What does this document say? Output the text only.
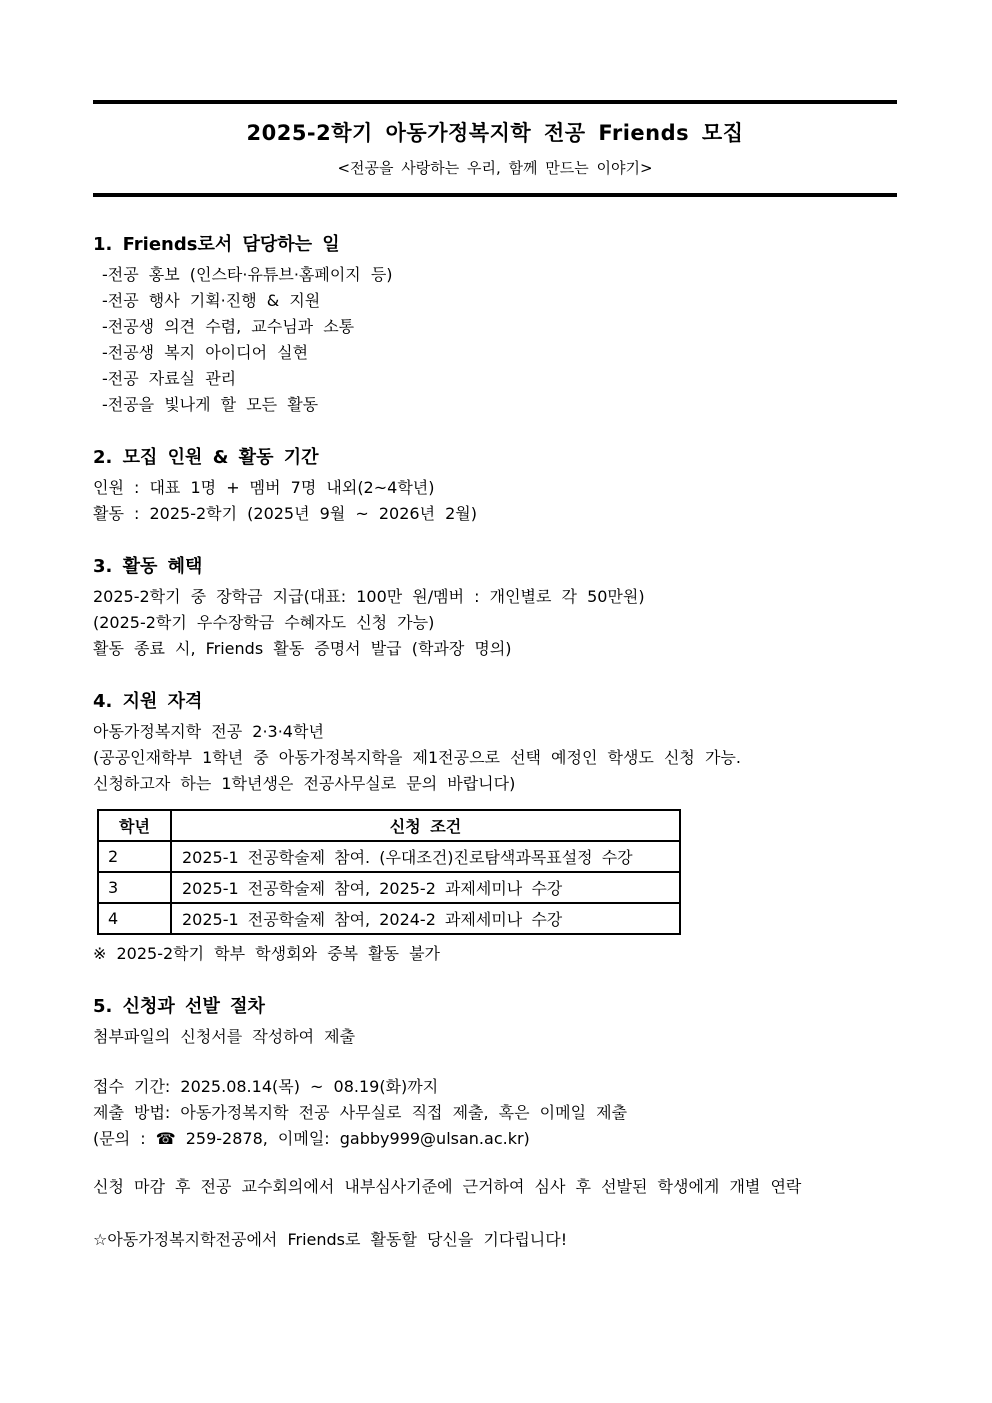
2025-2학기 아동가정복지학 전공 Friends 모집
<전공을 사랑하는 우리, 함께 만드는 이야기>
1. Friends로서 담당하는 일
-전공 홍보 (인스타·유튜브·홈페이지 등)
-전공 행사 기획·진행 & 지원
-전공생 의견 수렴, 교수님과 소통
-전공생 복지 아이디어 실현
-전공 자료실 관리
-전공을 빛나게 할 모든 활동
2. 모집 인원 & 활동 기간
인원 : 대표 1명 + 멤버 7명 내외(2~4학년)
활동 : 2025-2학기 (2025년 9월 ~ 2026년 2월)
3. 활동 혜택
2025-2학기 중 장학금 지급(대표: 100만 원/멤버 : 개인별로 각 50만원)
(2025-2학기 우수장학금 수혜자도 신청 가능)
활동 종료 시, Friends 활동 증명서 발급 (학과장 명의)
4. 지원 자격
아동가정복지학 전공 2·3·4학년
(공공인재학부 1학년 중 아동가정복지학을 제1전공으로 선택 예정인 학생도 신청 가능.
신청하고자 하는 1학년생은 전공사무실로 문의 바랍니다)
학년	신청 조건
2	2025-1 전공학술제 참여. (우대조건)진로탐색과목표설정 수강
3	2025-1 전공학술제 참여, 2025-2 과제세미나 수강
4	2025-1 전공학술제 참여, 2024-2 과제세미나 수강
※ 2025-2학기 학부 학생회와 중복 활동 불가
5. 신청과 선발 절차
첨부파일의 신청서를 작성하여 제출
접수 기간: 2025.08.14(목) ~ 08.19(화)까지
제출 방법: 아동가정복지학 전공 사무실로 직접 제출, 혹은 이메일 제출
(문의 : ☎ 259-2878, 이메일: gabby999@ulsan.ac.kr)
신청 마감 후 전공 교수회의에서 내부심사기준에 근거하여 심사 후 선발된 학생에게 개별 연락
☆아동가정복지학전공에서 Friends로 활동할 당신을 기다립니다!
